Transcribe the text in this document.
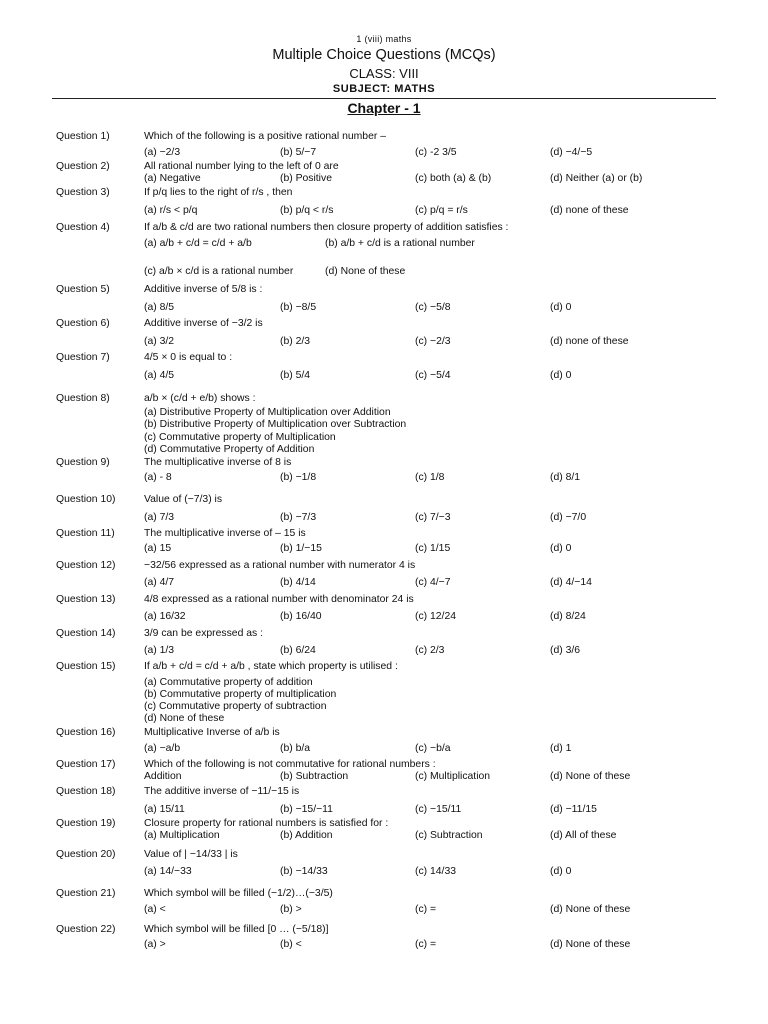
1 (viii) maths
Multiple Choice Questions (MCQs)
CLASS: VIII
SUBJECT: MATHS
Chapter - 1
Question 1)	Which of the following is a positive rational number –
(a) −2/3	(b) 5/−7	(c) -2 3/5	(d) −4/−5
Question 2)	All rational number lying to the left of 0 are
(a) Negative	(b) Positive	(c) both (a) & (b)	(d) Neither (a) or (b)
Question 3)	If p/q lies to the right of r/s , then
(a) r/s < p/q	(b) p/q < r/s	(c) p/q = r/s	(d) none of these
Question 4)	If a/b & c/d are two rational numbers then closure property of addition satisfies :
(a) a/b + c/d = c/d + a/b	(b) a/b + c/d is a rational number
(c) a/b × c/d is a rational number	(d) None of these
Question 5)	Additive inverse of 5/8 is :
(a) 8/5	(b) −8/5	(c) −5/8	(d) 0
Question 6)	Additive inverse of −3/2 is
(a) 3/2	(b) 2/3	(c) −2/3	(d) none of these
Question 7)	4/5 × 0 is equal to :
(a) 4/5	(b) 5/4	(c) −5/4	(d) 0
Question 8)	a/b × (c/d + e/b) shows :
(a) Distributive Property of Multiplication over Addition
(b) Distributive Property of Multiplication over Subtraction
(c) Commutative property of Multiplication
(d) Commutative Property of Addition
Question 9)	The multiplicative inverse of 8 is
(a) - 8	(b) −1/8	(c) 1/8	(d) 8/1
Question 10)	Value of (−7/3) is
(a) 7/3	(b) −7/3	(c) 7/−3	(d) −7/0
Question 11)	The multiplicative inverse of – 15 is
(a) 15	(b) 1/−15	(c) 1/15	(d) 0
Question 12)	−32/56 expressed as a rational number with numerator 4 is
(a) 4/7	(b) 4/14	(c) 4/−7	(d) 4/−14
Question 13)	4/8 expressed as a rational number with denominator 24 is
(a) 16/32	(b) 16/40	(c) 12/24	(d) 8/24
Question 14)	3/9 can be expressed as :
(a) 1/3	(b) 6/24	(c) 2/3	(d) 3/6
Question 15)	If a/b + c/d = c/d + a/b , state which property is utilised :
(a) Commutative property of addition
(b) Commutative property of multiplication
(c) Commutative property of subtraction
(d) None of these
Question 16)	Multiplicative Inverse of a/b is
(a) −a/b	(b) b/a	(c) −b/a	(d) 1
Question 17)	Which of the following is not commutative for rational numbers :
Addition	(b) Subtraction	(c) Multiplication	(d) None of these
Question 18)	The additive inverse of −11/−15 is
(a) 15/11	(b) −15/−11	(c) −15/11	(d) −11/15
Question 19)	Closure property for rational numbers is satisfied for :
(a) Multiplication	(b) Addition	(c) Subtraction	(d) All of these
Question 20)	Value of | −14/33 | is
(a) 14/−33	(b) −14/33	(c) 14/33	(d) 0
Question 21)	Which symbol will be filled (−1/2)…(−3/5)
(a) <	(b) >	(c) =	(d) None of these
Question 22)	Which symbol will be filled [0 … (−5/18)]
(a) >	(b) <	(c) =	(d) None of these
